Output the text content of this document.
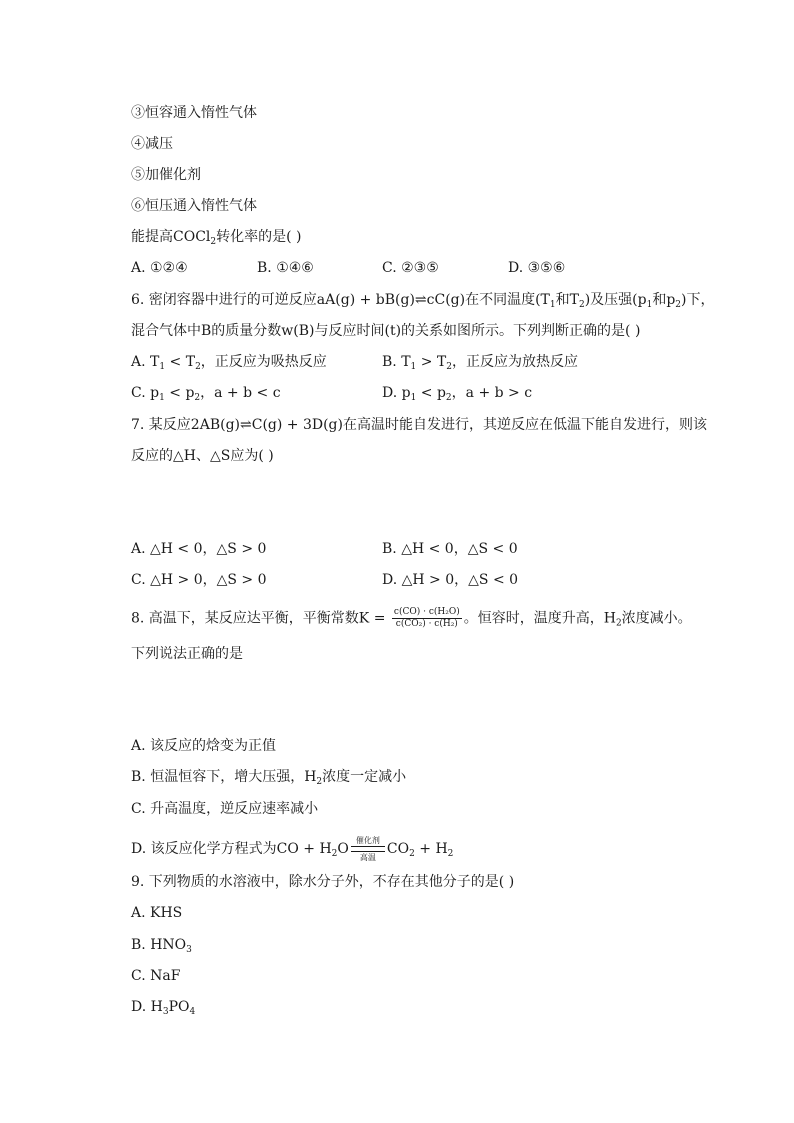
③恒容通入惰性气体
④减压
⑤加催化剂
⑥恒压通入惰性气体
能提高COCl$_2$转化率的是( )
A. ①②④	B. ①④⑥	C. ②③⑤	D. ③⑤⑥
6. 密闭容器中进行的可逆反应aA(g) + bB(g)⇌cC(g)在不同温度($T_1$和$T_2$)及压强($p_1$和$p_2$)下，
混合气体中B的质量分数w(B)与反应时间(t)的关系如图所示。下列判断正确的是( )
A. $T_1 < T_2$，正反应为吸热反应	B. $T_1 > T_2$，正反应为放热反应
C. $p_1 < p_2$，a + b < c	D. $p_1 < p_2$，a + b > c
7. 某反应2AB(g)⇌C(g) + 3D(g)在高温时能自发进行，其逆反应在低温下能自发进行，则该
反应的△H、△S应为( )
A. △H < 0，△S > 0	B. △H < 0，△S < 0
C. △H > 0，△S > 0	D. △H > 0，△S < 0
8. 高温下，某反应达平衡，平衡常数$K = \frac{\text{c(CO) · c(H₂O)}}{\text{c(CO₂) · c(H₂)}}$ 。恒容时，温度升高，$H_2$浓度减小。
下列说法正确的是
A. 该反应的焓变为正值
B. 恒温恒容下，增大压强，$H_2$浓度一定减小
C. 升高温度，逆反应速率减小
D. 该反应化学方程式为CO + $H_2O$
催化剂
高温
$CO_2 + H_2$
9. 下列物质的水溶液中，除水分子外，不存在其他分子的是( )
A. KHS
B. $HNO_3$
C. NaF
D. $H_3PO_4$
